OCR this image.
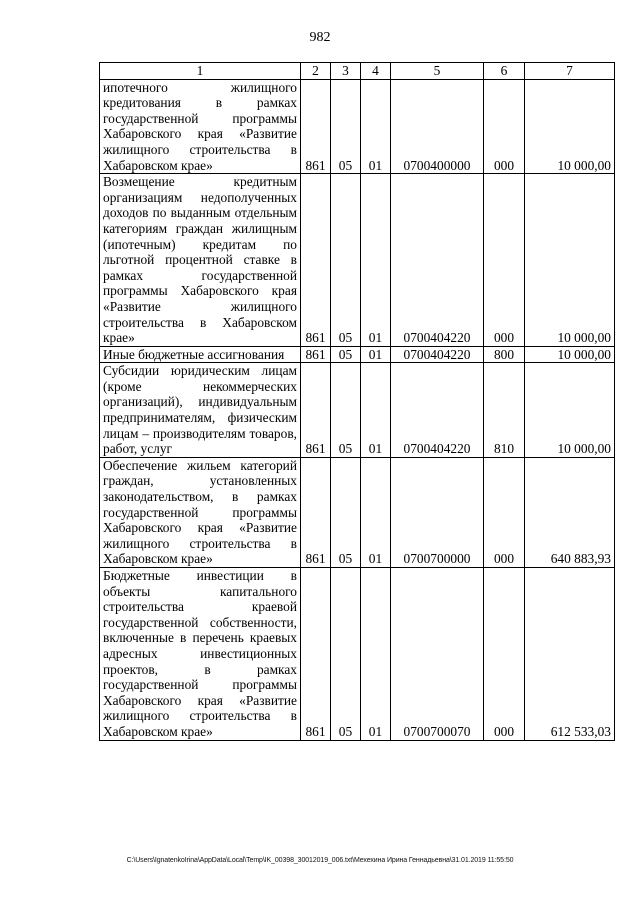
982
1	2	3	4	5	6	7
ипотечного жилищного кредитования в рамках государственной программы Хабаровского края «Развитие жилищного строительства в Хабаровском крае»	861	05	01	0700400000	000	10 000,00
Возмещение кредитным организациям недополученных доходов по выданным отдельным категориям граждан жилищным (ипотечным) кредитам по льготной процентной ставке в рамках государственной программы Хабаровского края «Развитие жилищного строительства в Хабаровском крае»	861	05	01	0700404220	000	10 000,00
Иные бюджетные ассигнования	861	05	01	0700404220	800	10 000,00
Субсидии юридическим лицам (кроме некоммерческих организаций), индивидуальным предпринимателям, физическим лицам – производителям товаров, работ, услуг	861	05	01	0700404220	810	10 000,00
Обеспечение жильем категорий граждан, установленных законодательством, в рамках государственной программы Хабаровского края «Развитие жилищного строительства в Хабаровском крае»	861	05	01	0700700000	000	640 883,93
Бюджетные инвестиции в объекты капитального строительства краевой государственной собственности, включенные в перечень краевых адресных инвестиционных проектов, в рамках государственной программы Хабаровского края «Развитие жилищного строительства в Хабаровском крае»	861	05	01	0700700070	000	612 533,03
C:\Users\IgnatenkoIrina\AppData\Local\Temp\IK_00398_30012019_006.txt\Мехехина Ирина Геннадьевна\31.01.2019 11:55:50
